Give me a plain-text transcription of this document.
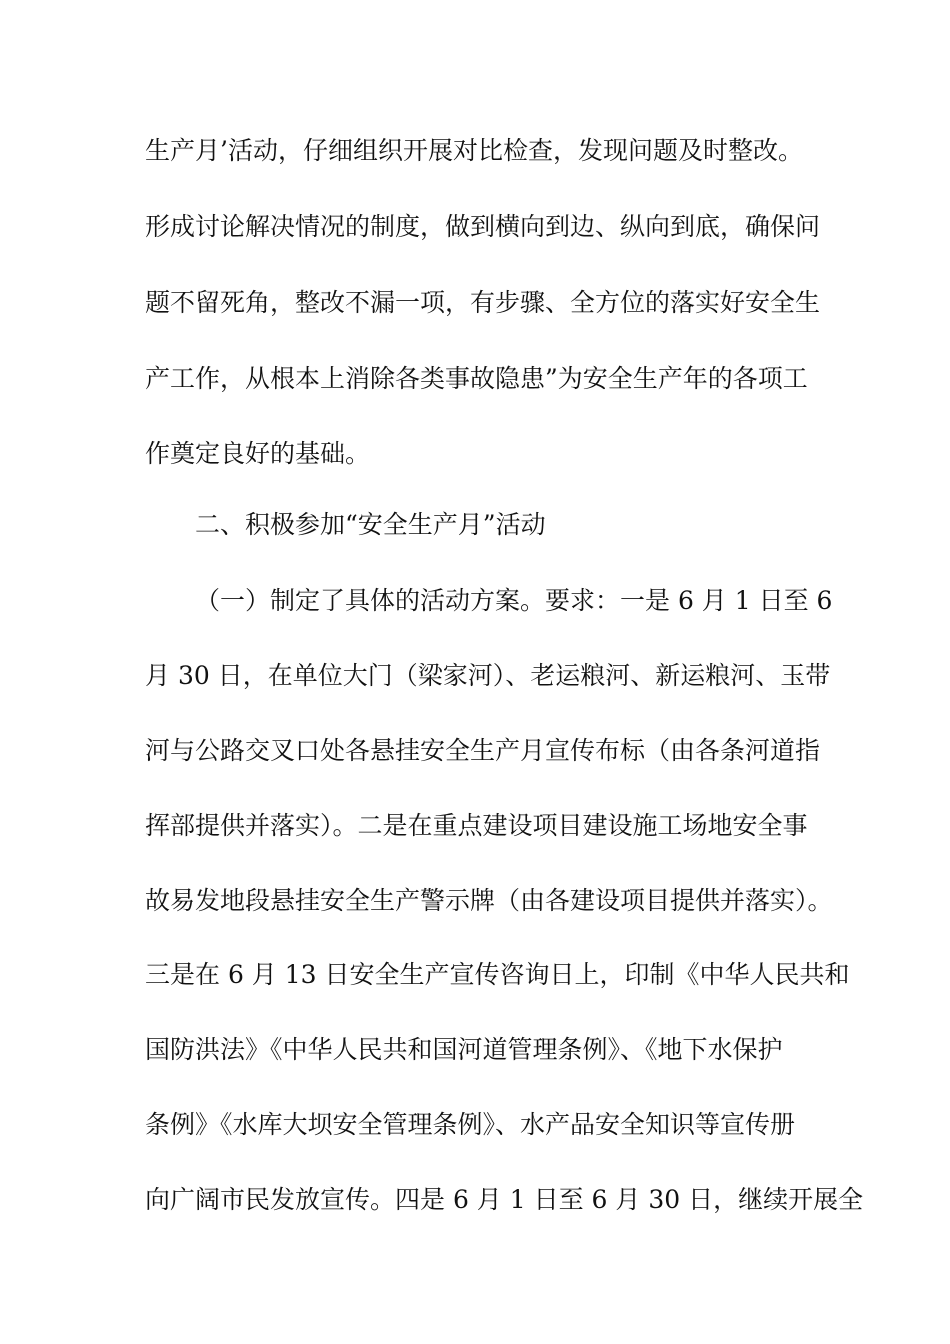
生产月’活动，仔细组织开展对比检查，发现问题及时整改。
形成讨论解决情况的制度，做到横向到边、纵向到底，确保问
题不留死角，整改不漏一项，有步骤、全方位的落实好安全生
产工作，从根本上消除各类事故隐患”为安全生产年的各项工
作奠定良好的基础。
二、积极参加“安全生产月”活动
（一）制定了具体的活动方案。要求：一是 6 月 1 日至 6
月 30 日，在单位大门（梁家河）、老运粮河、新运粮河、玉带
河与公路交叉口处各悬挂安全生产月宣传布标（由各条河道指
挥部提供并落实）。二是在重点建设项目建设施工场地安全事
故易发地段悬挂安全生产警示牌（由各建设项目提供并落实）。
三是在 6 月 13 日安全生产宣传咨询日上，印制《中华人民共和
国防洪法》《中华人民共和国河道管理条例》、《地下水保护
条例》《水库大坝安全管理条例》、水产品安全知识等宣传册
向广阔市民发放宣传。四是 6 月 1 日至 6 月 30 日，继续开展全
